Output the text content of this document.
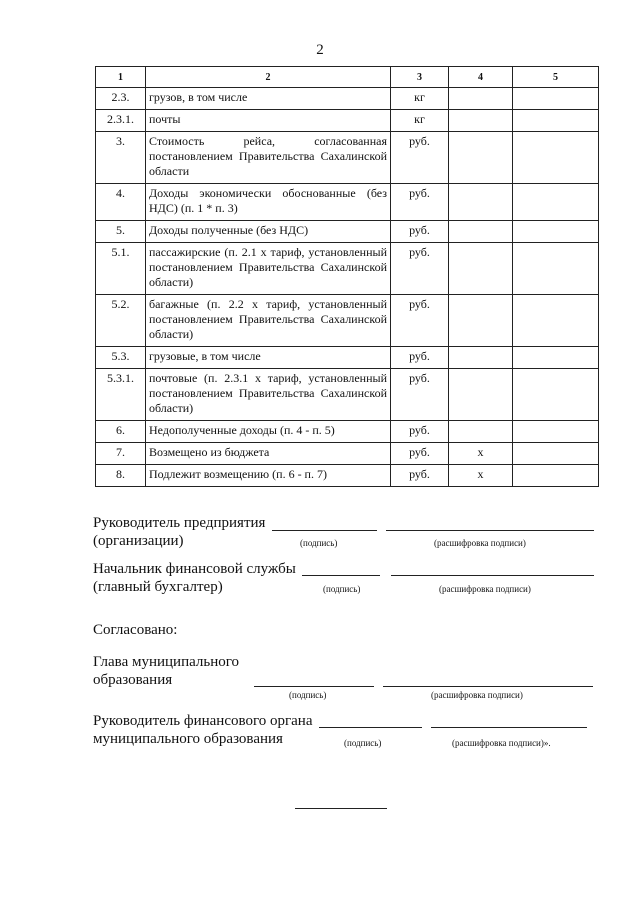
2
1	2	3	4	5
2.3.	грузов, в том числе	кг		
2.3.1.	почты	кг		
3.	Стоимость рейса, согласованная постановлением Правительства Сахалинской области	руб.		
4.	Доходы экономически обоснованные (без НДС) (п. 1 * п. 3)	руб.		
5.	Доходы полученные (без НДС)	руб.		
5.1.	пассажирские (п. 2.1 х тариф, установленный постановлением Правительства Сахалинской области)	руб.		
5.2.	багажные (п. 2.2 х тариф, установленный постановлением Правительства Сахалинской области)	руб.		
5.3.	грузовые, в том числе	руб.		
5.3.1.	почтовые (п. 2.3.1 х тариф, установленный постановлением Правительства Сахалинской области)	руб.		
6.	Недополученные доходы (п. 4 - п. 5)	руб.		
7.	Возмещено из бюджета	руб.	х	
8.	Подлежит возмещению (п. 6 - п. 7)	руб.	х	
Руководитель предприятия
(организации)	(подпись)	(расшифровка подписи)
Начальник финансовой службы
(главный бухгалтер)	(подпись)	(расшифровка подписи)
Согласовано:
Глава муниципального
образования
(подпись)	(расшифровка подписи)
Руководитель финансового органа
муниципального образования	(подпись)	(расшифровка подписи)».
